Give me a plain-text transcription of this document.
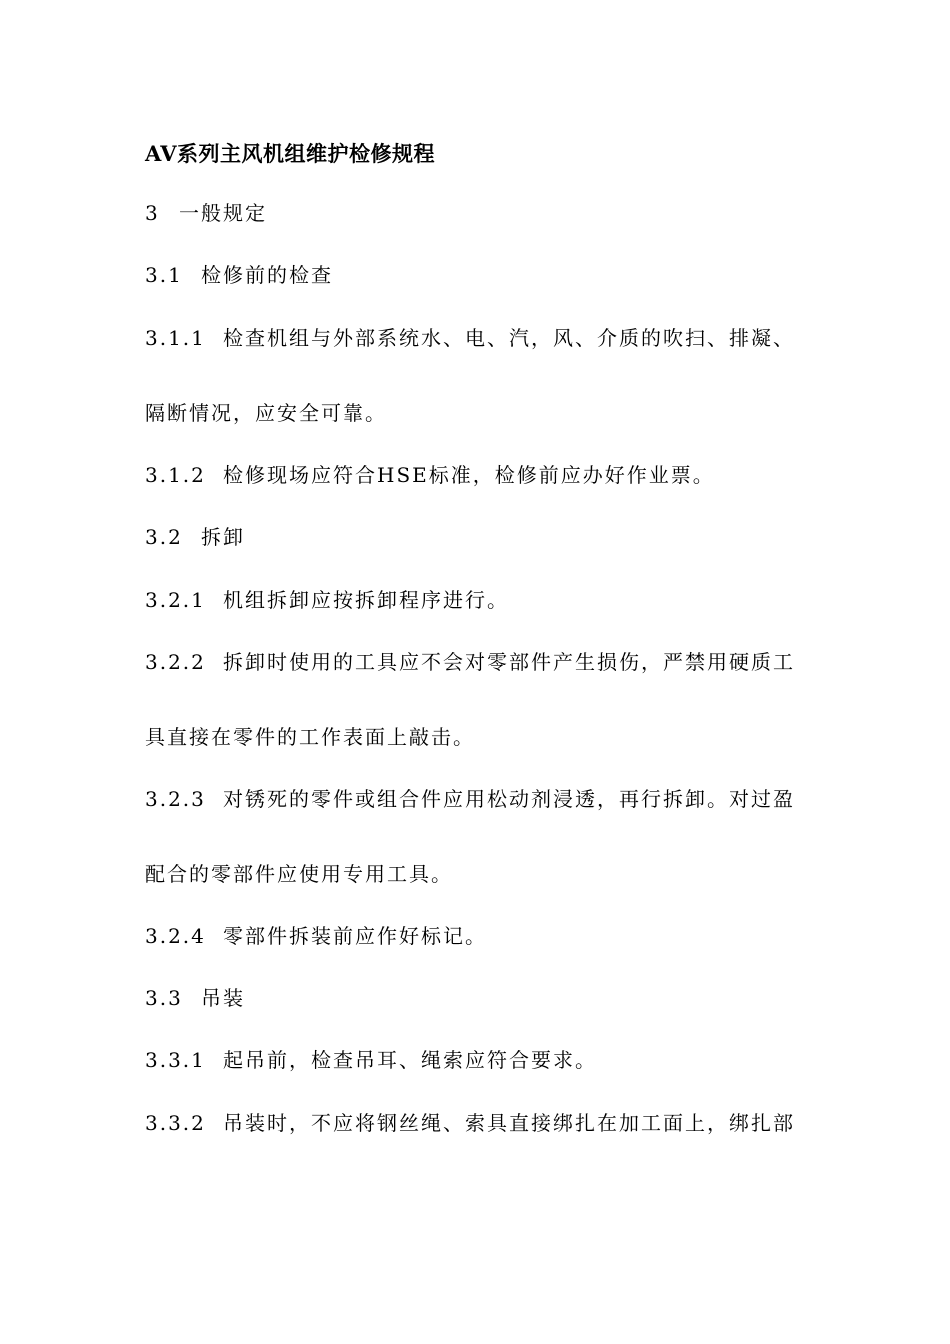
AV系列主风机组维护检修规程
3 一般规定
3.1 检修前的检查
3.1.1 检查机组与外部系统水、电、汽，风、介质的吹扫、排凝、
隔断情况，应安全可靠。
3.1.2 检修现场应符合HSE标准，检修前应办好作业票。
3.2 拆卸
3.2.1 机组拆卸应按拆卸程序进行。
3.2.2 拆卸时使用的工具应不会对零部件产生损伤，严禁用硬质工
具直接在零件的工作表面上敲击。
3.2.3 对锈死的零件或组合件应用松动剂浸透，再行拆卸。对过盈
配合的零部件应使用专用工具。
3.2.4 零部件拆装前应作好标记。
3.3 吊装
3.3.1 起吊前，检查吊耳、绳索应符合要求。
3.3.2 吊装时，不应将钢丝绳、索具直接绑扎在加工面上，绑扎部
